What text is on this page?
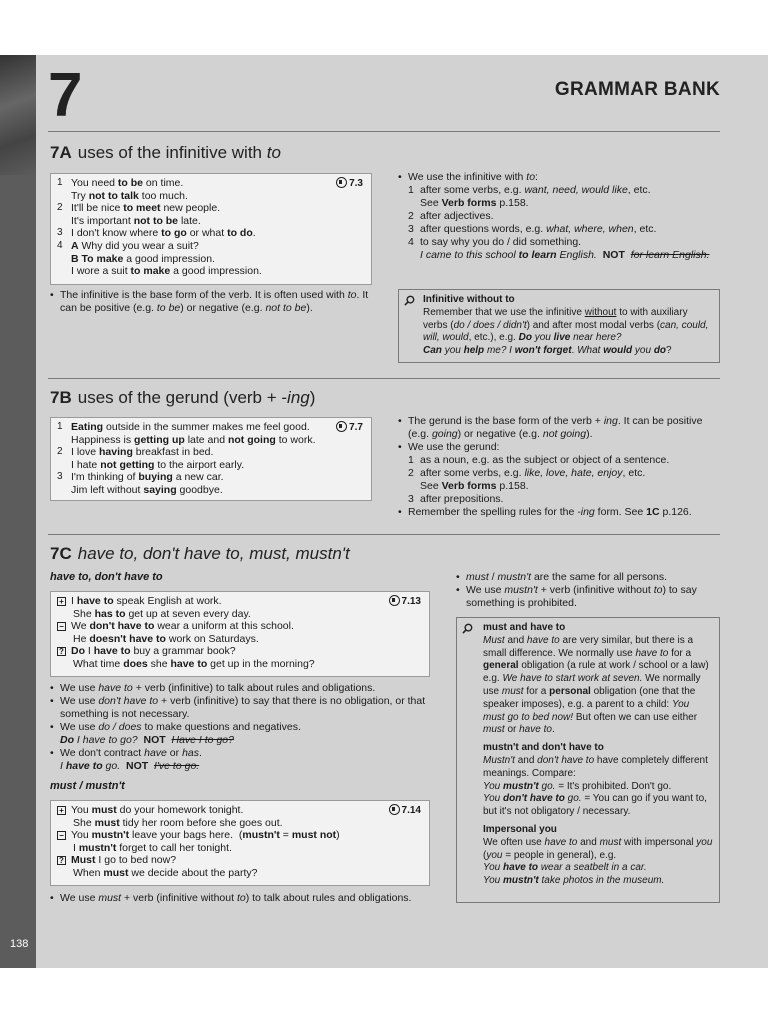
138
7	GRAMMAR BANK
7A uses of the infinitive with to
7.3
1 You need to be on time.
Try not to talk too much.
2 It'll be nice to meet new people.
It's important not to be late.
3 I don't know where to go or what to do.
4 A Why did you wear a suit?
B To make a good impression.
I wore a suit to make a good impression.
• The infinitive is the base form of the verb. It is often used with to. It can be positive (e.g. to be) or negative (e.g. not to be).
• We use the infinitive with to:
1 after some verbs, e.g. want, need, would like, etc.
See Verb forms p.158.
2 after adjectives.
3 after questions words, e.g. what, where, when, etc.
4 to say why you do / did something.
I came to this school to learn English. NOT for learn English.
Infinitive without to
Remember that we use the infinitive without to with auxiliary verbs (do / does / didn't) and after most modal verbs (can, could, will, would, etc.), e.g. Do you live near here?
Can you help me? I won't forget. What would you do?
7B uses of the gerund (verb + -ing)
7.7
1 Eating outside in the summer makes me feel good.
Happiness is getting up late and not going to work.
2 I love having breakfast in bed.
I hate not getting to the airport early.
3 I'm thinking of buying a new car.
Jim left without saying goodbye.
• The gerund is the base form of the verb + ing. It can be positive (e.g. going) or negative (e.g. not going).
• We use the gerund:
1 as a noun, e.g. as the subject or object of a sentence.
2 after some verbs, e.g. like, love, hate, enjoy, etc.
See Verb forms p.158.
3 after prepositions.
• Remember the spelling rules for the -ing form. See 1C p.126.
7C have to, don't have to, must, mustn't
have to, don't have to
7.13
+ I have to speak English at work.
She has to get up at seven every day.
− We don't have to wear a uniform at this school.
He doesn't have to work on Saturdays.
? Do I have to buy a grammar book?
What time does she have to get up in the morning?
• We use have to + verb (infinitive) to talk about rules and obligations.
• We use don't have to + verb (infinitive) to say that there is no obligation, or that something is not necessary.
• We use do / does to make questions and negatives.
Do I have to go? NOT Have I to go?
• We don't contract have or has.
I have to go. NOT I've to go.
must / mustn't
7.14
+ You must do your homework tonight.
She must tidy her room before she goes out.
− You mustn't leave your bags here.  (mustn't = must not)
I mustn't forget to call her tonight.
? Must I go to bed now?
When must we decide about the party?
• We use must + verb (infinitive without to) to talk about rules and obligations.
• must / mustn't are the same for all persons.
• We use mustn't + verb (infinitive without to) to say something is prohibited.
must and have to
Must and have to are very similar, but there is a small difference. We normally use have to for a general obligation (a rule at work / school or a law) e.g. We have to start work at seven. We normally use must for a personal obligation (one that the speaker imposes), e.g. a parent to a child: You must go to bed now! But often we can use either must or have to.
mustn't and don't have to
Mustn't and don't have to have completely different meanings. Compare:
You mustn't go. = It's prohibited. Don't go.
You don't have to go. = You can go if you want to, but it's not obligatory / necessary.
Impersonal you
We often use have to and must with impersonal you (you = people in general), e.g.
You have to wear a seatbelt in a car.
You mustn't take photos in the museum.
